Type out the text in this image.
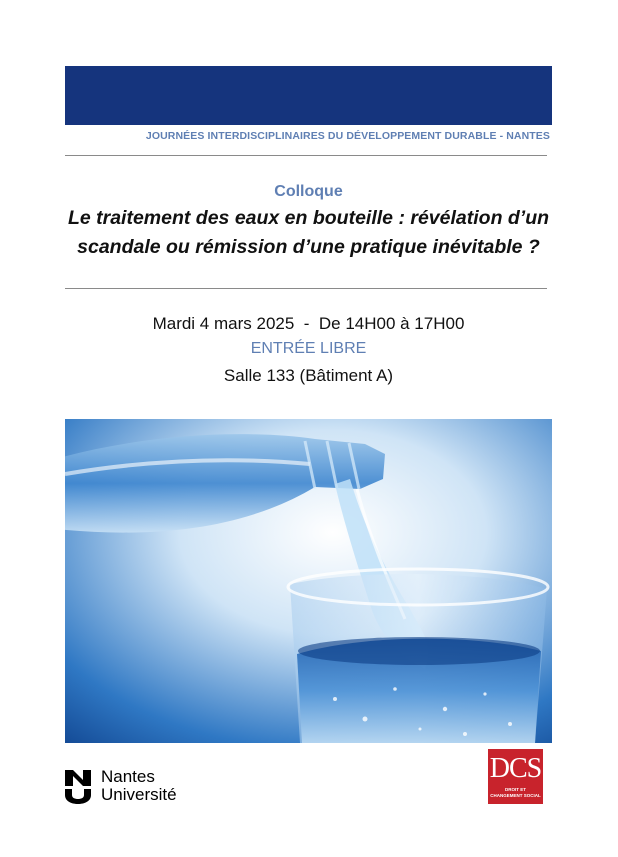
JOURNÉES INTERDISCIPLINAIRES DU DÉVELOPPEMENT DURABLE - NANTES
Colloque
Le traitement des eaux en bouteille : révélation d’un
scandale ou rémission d’une pratique inévitable ?
Mardi 4 mars 2025  -  De 14H00 à 17H00
ENTRÉE LIBRE
Salle 133 (Bâtiment A)
Nantes
Université
DCS
DROIT ET
CHANGEMENT SOCIAL
